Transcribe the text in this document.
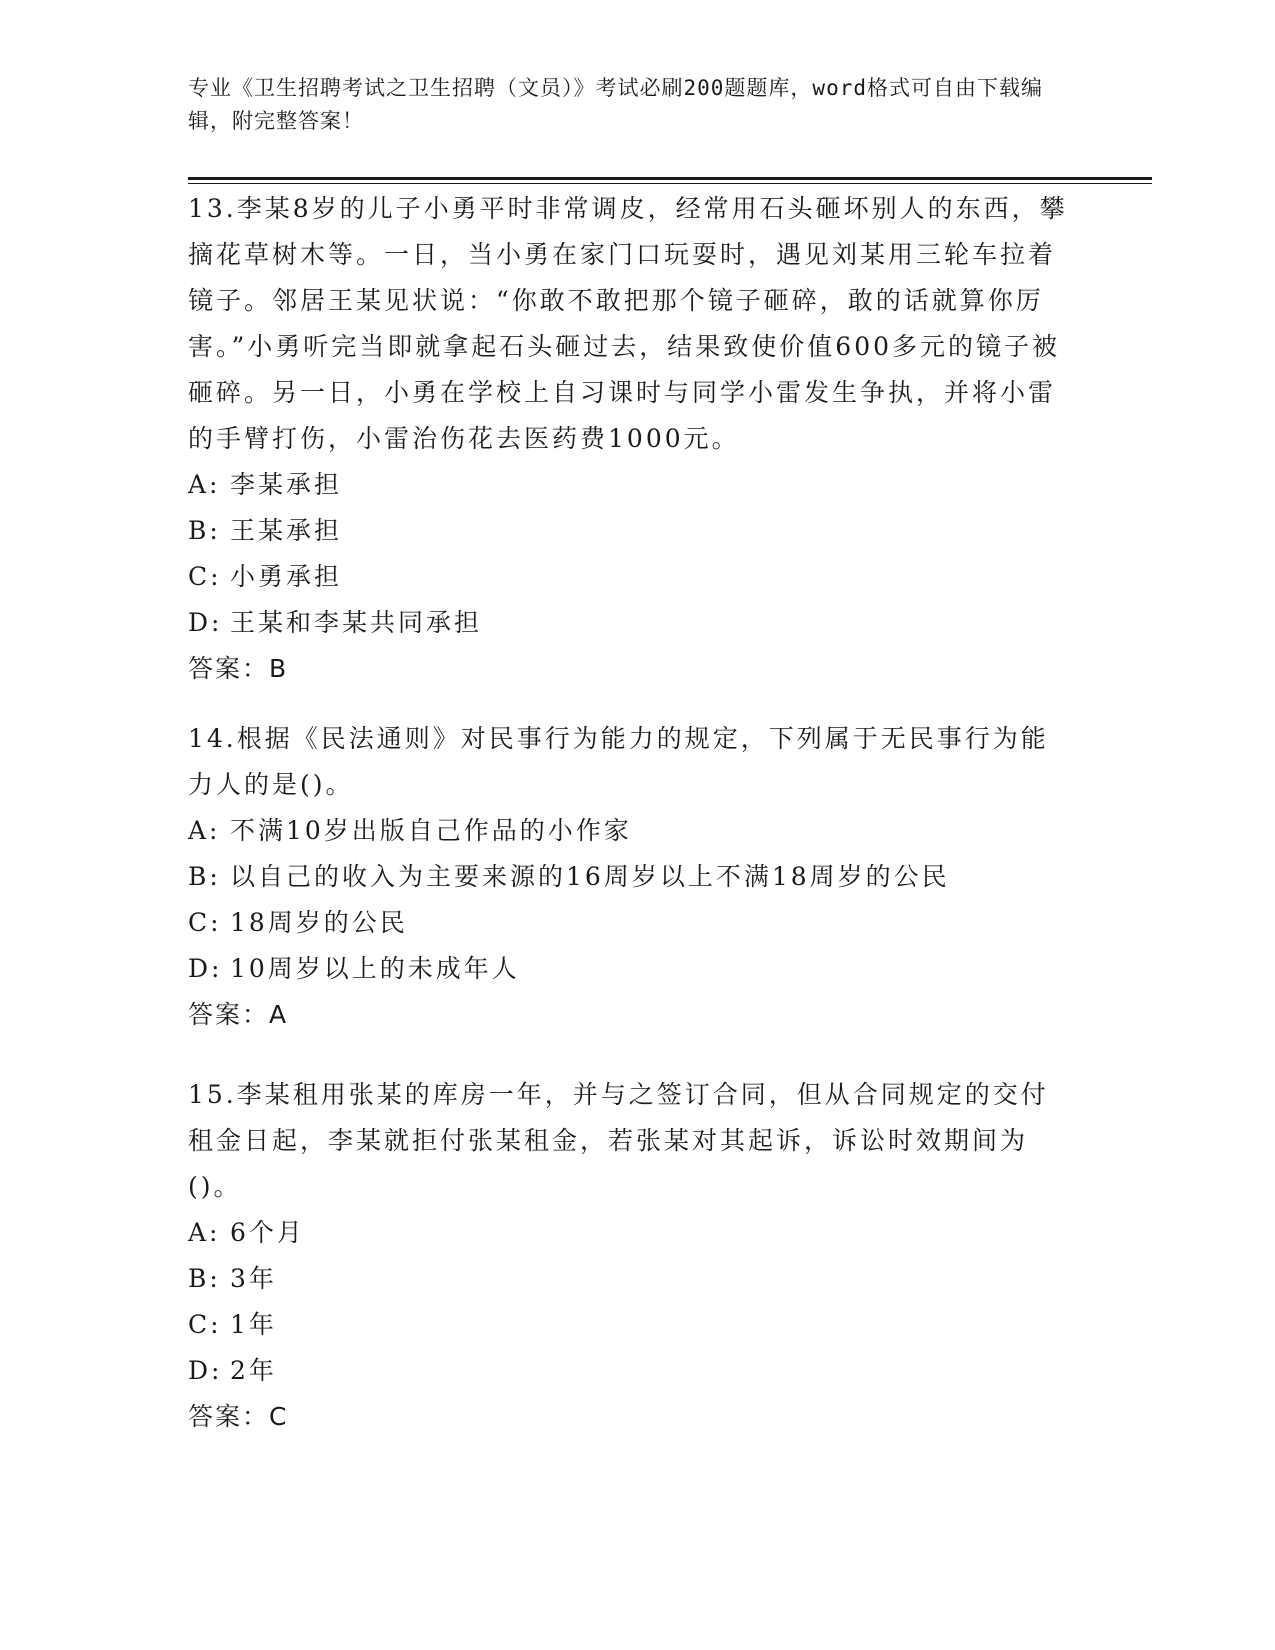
专业《卫生招聘考试之卫生招聘（文员）》考试必刷200题题库，word格式可自由下载编辑，附完整答案！

13.李某8岁的儿子小勇平时非常调皮，经常用石头砸坏别人的东西，攀摘花草树木等。一日，当小勇在家门口玩耍时，遇见刘某用三轮车拉着镜子。邻居王某见状说：“你敢不敢把那个镜子砸碎，敢的话就算你厉害。”小勇听完当即就拿起石头砸过去，结果致使价值600多元的镜子被砸碎。另一日，小勇在学校上自习课时与同学小雷发生争执，并将小雷的手臂打伤，小雷治伤花去医药费1000元。

A: 李某承担

B: 王某承担

C: 小勇承担

D: 王某和李某共同承担

答案：B

14.根据《民法通则》对民事行为能力的规定，下列属于无民事行为能力人的是()。

A: 不满10岁出版自己作品的小作家

B: 以自己的收入为主要来源的16周岁以上不满18周岁的公民

C: 18周岁的公民

D: 10周岁以上的未成年人

答案：A

15.李某租用张某的库房一年，并与之签订合同，但从合同规定的交付租金日起，李某就拒付张某租金，若张某对其起诉，诉讼时效期间为()。

A: 6个月

B: 3年

C: 1年

D: 2年

答案：C
